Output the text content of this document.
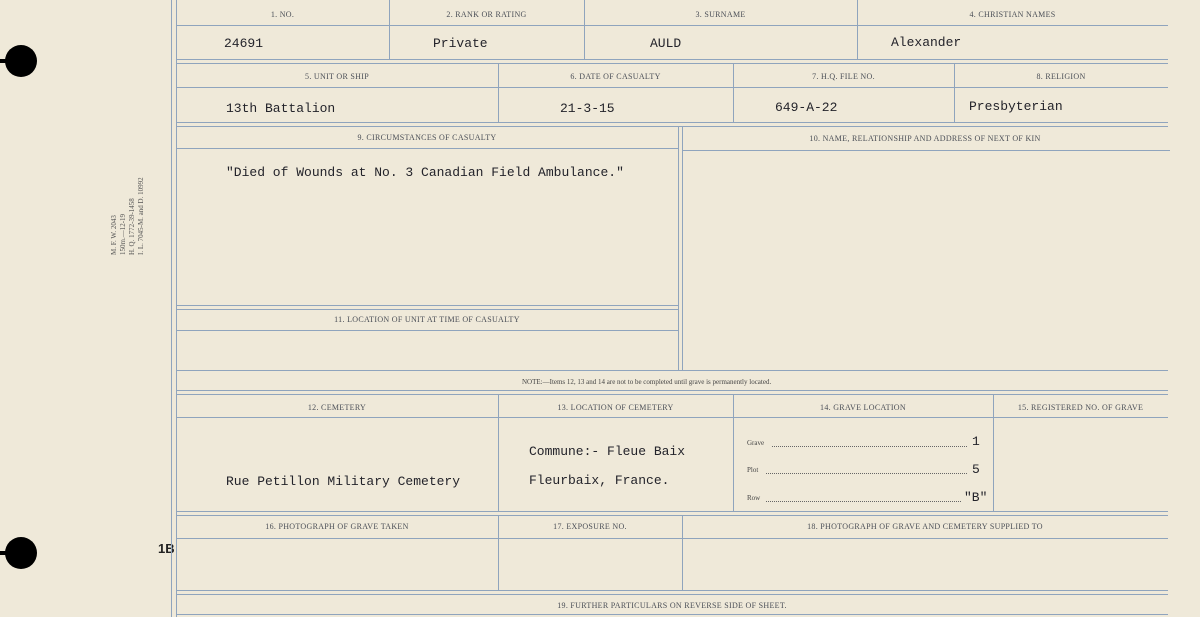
M. F. W. 2043 150m.—12-19 H. Q. 1772-39-1458 I. L. 7045-M. and D. 10992
1B
1. NO.	2. RANK OR RATING	3. SURNAME	4. CHRISTIAN NAMES
24691	Private	AULD	Alexander
5. UNIT OR SHIP	6. DATE OF CASUALTY	7. H.Q. FILE NO.	8. RELIGION
13th Battalion	21-3-15	649-A-22	Presbyterian
9. CIRCUMSTANCES OF CASUALTY	10. NAME, RELATIONSHIP AND ADDRESS OF NEXT OF KIN
"Died of Wounds at No. 3 Canadian Field Ambulance."
11. LOCATION OF UNIT AT TIME OF CASUALTY
NOTE:—Items 12, 13 and 14 are not to be completed until grave is permanently located.
12. CEMETERY	13. LOCATION OF CEMETERY	14. GRAVE LOCATION	15. REGISTERED NO. OF GRAVE
Rue Petillon Military Cemetery
Commune:- Fleue Baix
Fleurbaix, France.
Grave	1
Plot	5
Row	"B"
16. PHOTOGRAPH OF GRAVE TAKEN	17. EXPOSURE NO.	18. PHOTOGRAPH OF GRAVE AND CEMETERY SUPPLIED TO
19. FURTHER PARTICULARS ON REVERSE SIDE OF SHEET.
